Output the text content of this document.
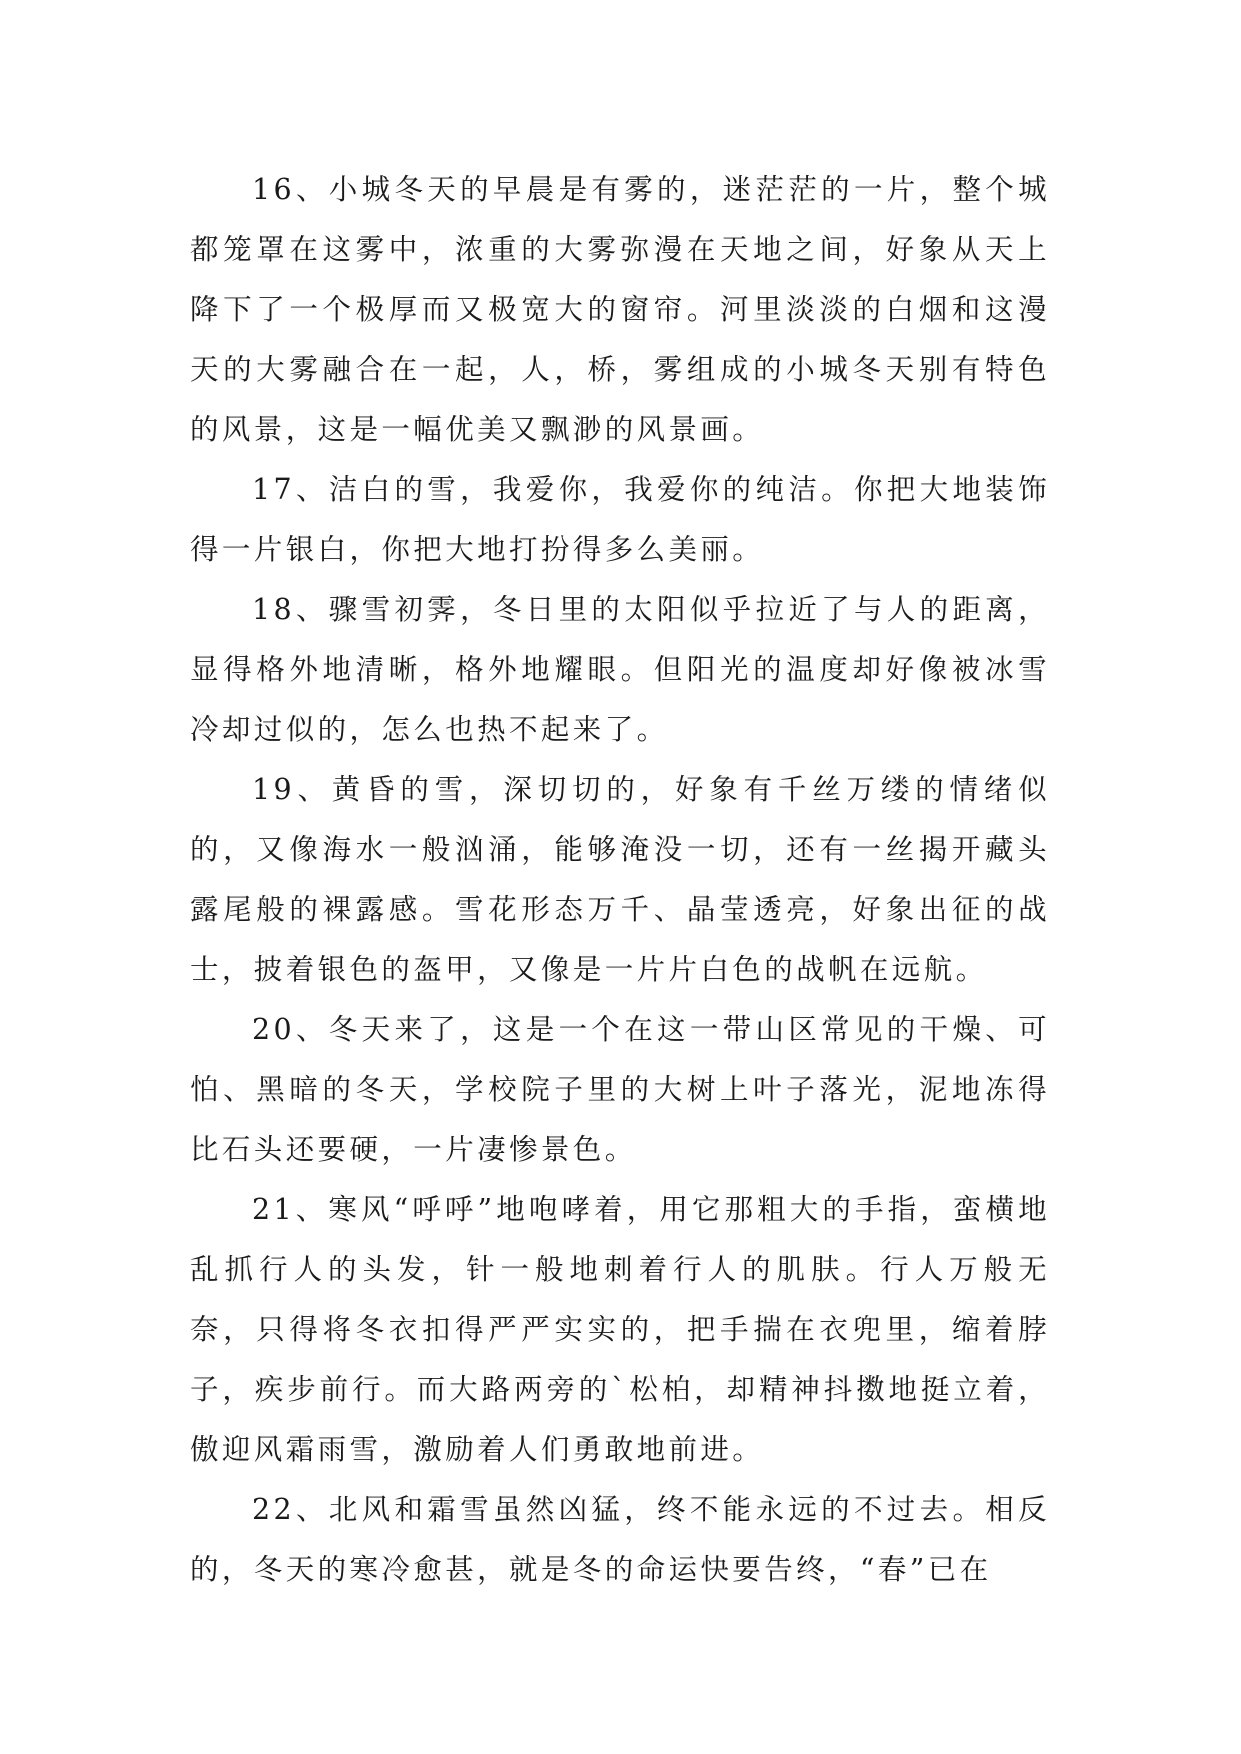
16、小城冬天的早晨是有雾的，迷茫茫的一片，整个城都笼罩在这雾中，浓重的大雾弥漫在天地之间，好象从天上降下了一个极厚而又极宽大的窗帘。河里淡淡的白烟和这漫天的大雾融合在一起，人，桥，雾组成的小城冬天别有特色的风景，这是一幅优美又飘渺的风景画。

17、洁白的雪，我爱你，我爱你的纯洁。你把大地装饰得一片银白，你把大地打扮得多么美丽。

18、骤雪初霁，冬日里的太阳似乎拉近了与人的距离，显得格外地清晰，格外地耀眼。但阳光的温度却好像被冰雪冷却过似的，怎么也热不起来了。

19、黄昏的雪，深切切的，好象有千丝万缕的情绪似的，又像海水一般汹涌，能够淹没一切，还有一丝揭开藏头露尾般的裸露感。雪花形态万千、晶莹透亮，好象出征的战士，披着银色的盔甲，又像是一片片白色的战帆在远航。

20、冬天来了，这是一个在这一带山区常见的干燥、可怕、黑暗的冬天，学校院子里的大树上叶子落光，泥地冻得比石头还要硬，一片凄惨景色。

21、寒风“呼呼”地咆哮着，用它那粗大的手指，蛮横地乱抓行人的头发，针一般地刺着行人的肌肤。行人万般无奈，只得将冬衣扣得严严实实的，把手揣在衣兜里，缩着脖子，疾步前行。而大路两旁的`松柏，却精神抖擞地挺立着，傲迎风霜雨雪，激励着人们勇敢地前进。

22、北风和霜雪虽然凶猛，终不能永远的不过去。相反的，冬天的寒冷愈甚，就是冬的命运快要告终，“春”已在
